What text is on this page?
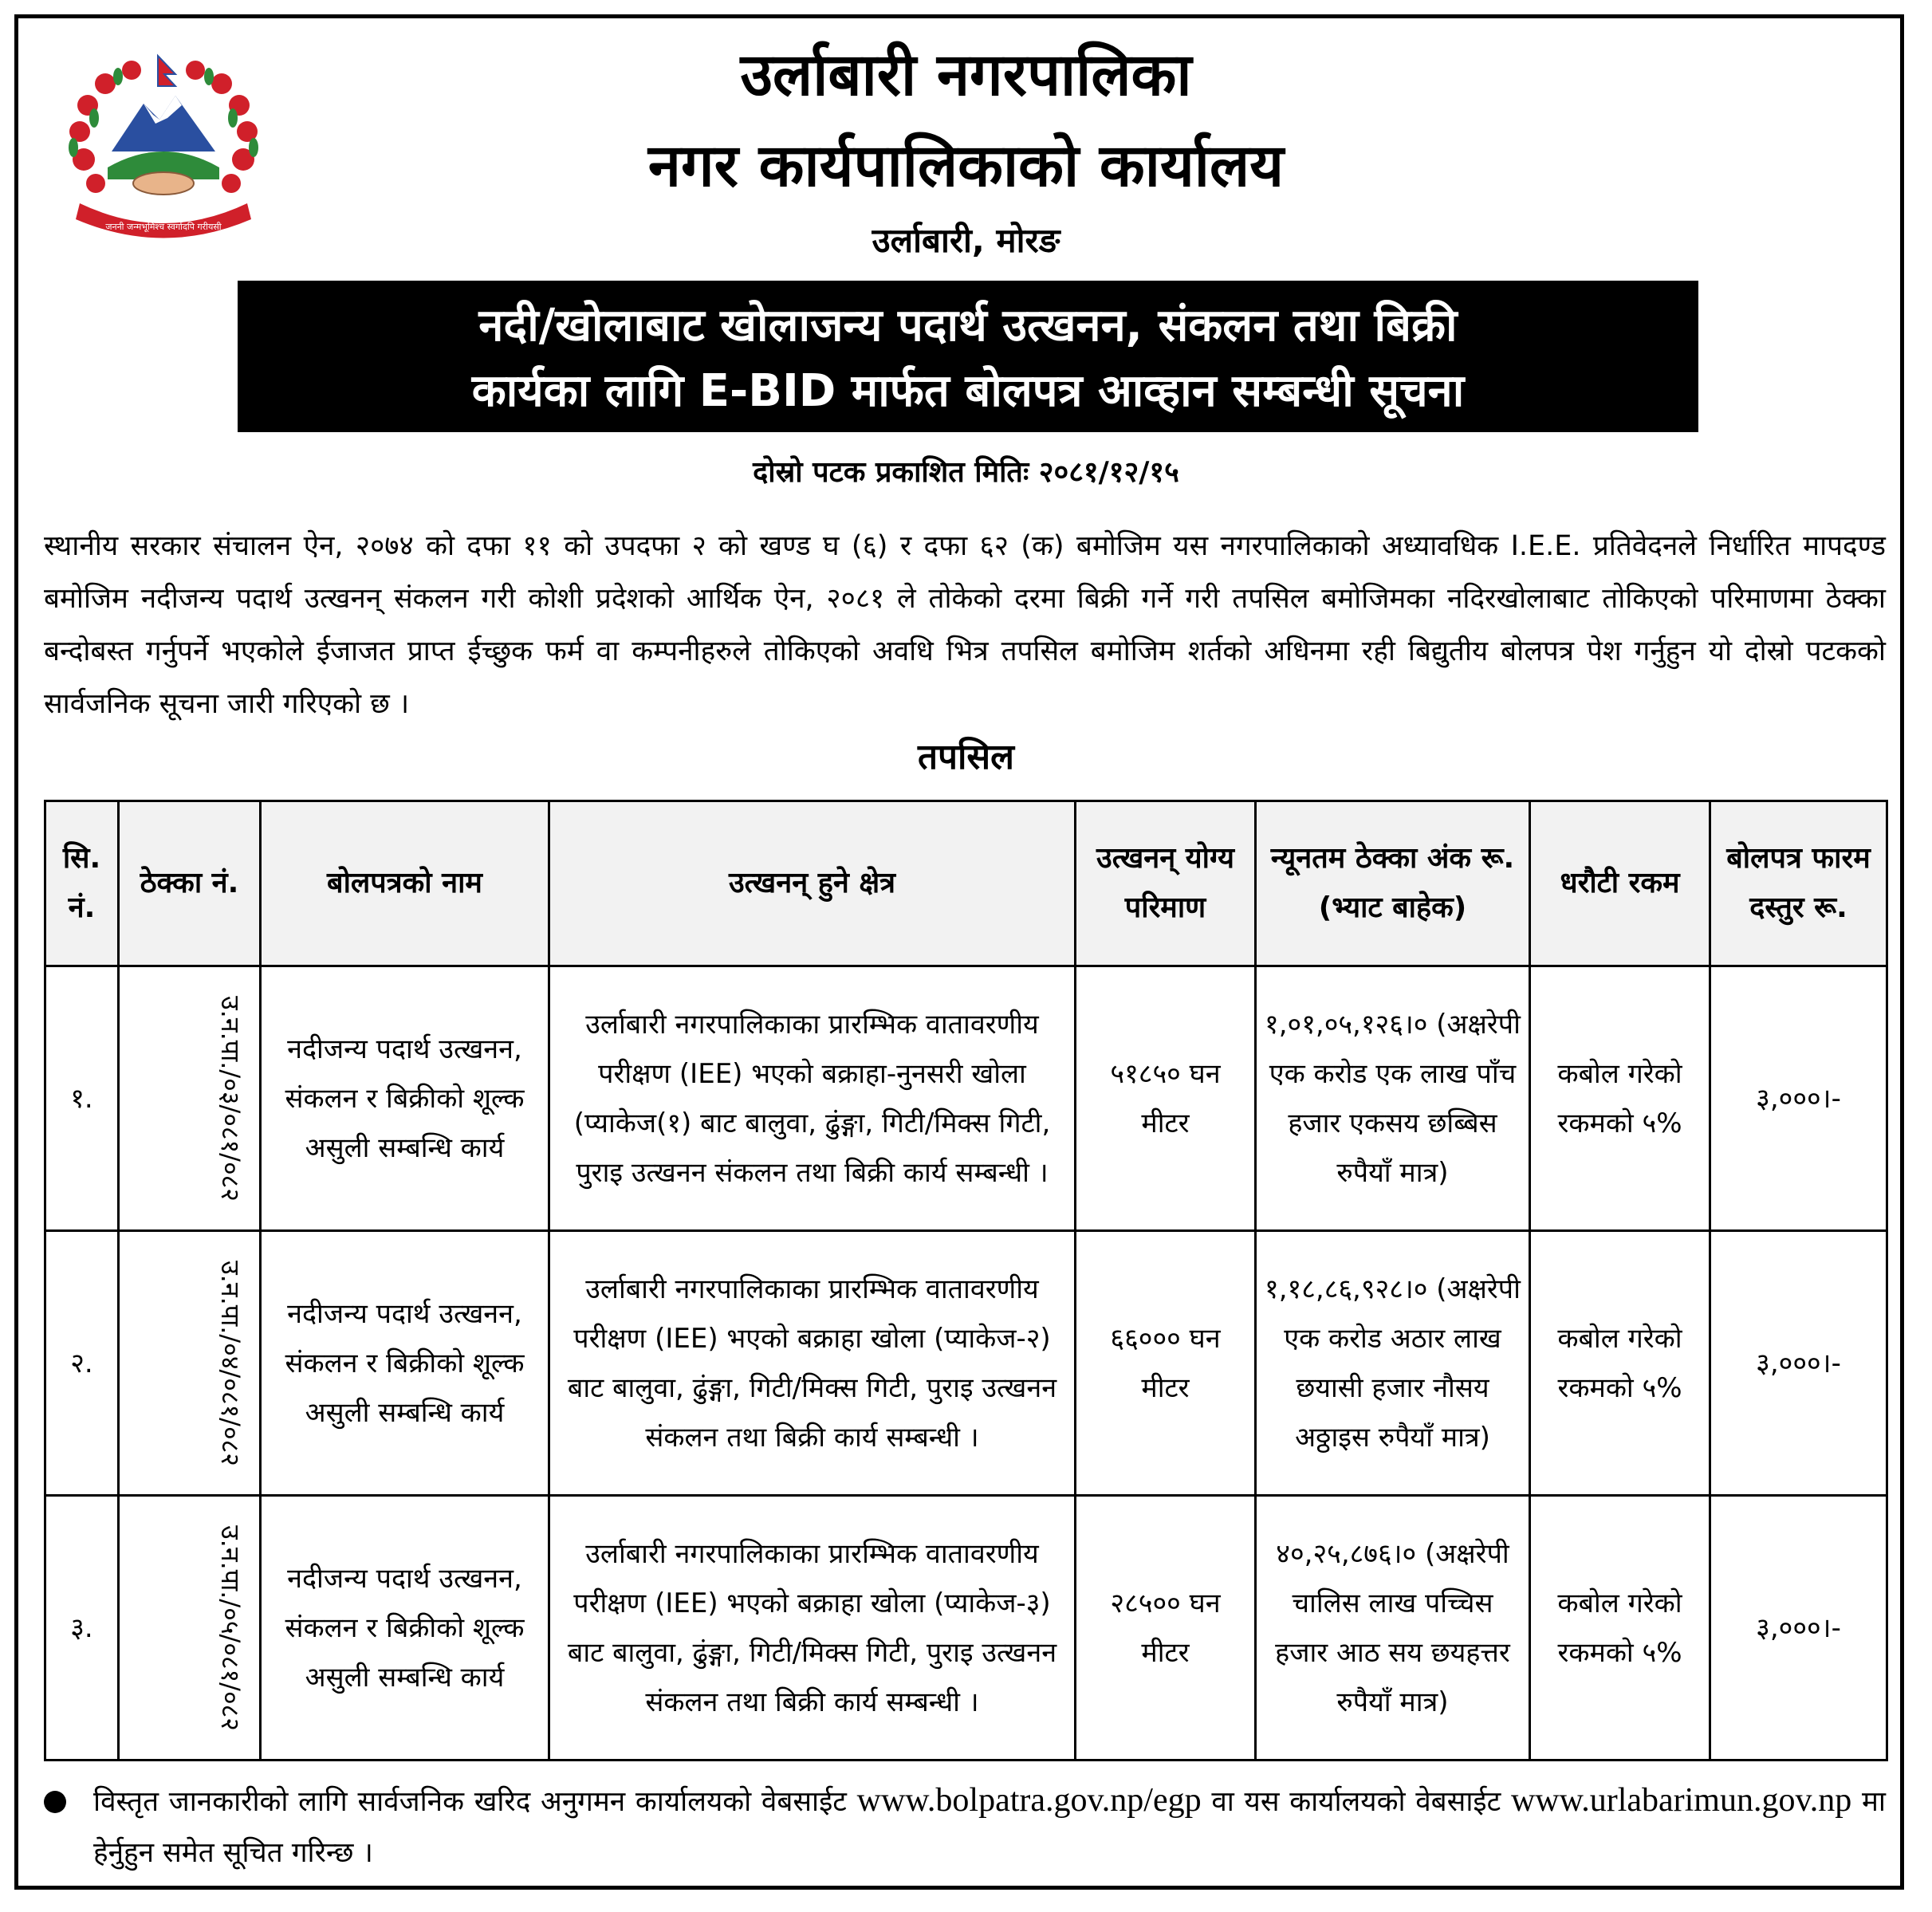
जननी जन्मभूमिश्च स्वर्गादपि गरीयसी
उर्लाबारी नगरपालिका
नगर कार्यपालिकाको कार्यालय
उर्लाबारी, मोरङ
नदी/खोलाबाट खोलाजन्य पदार्थ उत्खनन, संकलन तथा बिक्री
कार्यका लागि E-BID मार्फत बोलपत्र आव्हान सम्बन्धी सूचना
दोस्रो पटक प्रकाशित मितिः २०८१/१२/१५
स्थानीय सरकार संचालन ऐन, २०७४ को दफा ११ को उपदफा २ को खण्ड घ (६) र दफा ६२ (क) बमोजिम यस नगरपालिकाको अध्यावधिक I.E.E. प्रतिवेदनले निर्धारित मापदण्ड बमोजिम नदीजन्य पदार्थ उत्खनन् संकलन गरी कोशी प्रदेशको आर्थिक ऐन, २०८१ ले तोकेको दरमा बिक्री गर्ने गरी तपसिल बमोजिमका नदिरखोलाबाट तोकिएको परिमाणमा ठेक्का बन्दोबस्त गर्नुपर्ने भएकोले ईजाजत प्राप्त ईच्छुक फर्म वा कम्पनीहरुले तोकिएको अवधि भित्र तपसिल बमोजिम शर्तको अधिनमा रही बिद्युतीय बोलपत्र पेश गर्नुहुन यो दोस्रो पटकको सार्वजनिक सूचना जारी गरिएको छ ।
तपसिल
सि. नं.	ठेक्का नं.	बोलपत्रको नाम	उत्खनन् हुने क्षेत्र	उत्खनन् योग्य परिमाण	न्यूनतम ठेक्का अंक रू. (भ्याट बाहेक)	धरौटी रकम	बोलपत्र फारम दस्तुर रू.
१.	उ.न.पा./०३/०८१/०८२	नदीजन्य पदार्थ उत्खनन, संकलन र बिक्रीको शूल्क असुली सम्बन्धि कार्य	उर्लाबारी नगरपालिकाका प्रारम्भिक वातावरणीय परीक्षण (IEE) भएको बक्राहा-नुनसरी खोला (प्याकेज(१) बाट बालुवा, ढुंङ्गा, गिटी/मिक्स गिटी, पुराइ उत्खनन संकलन तथा बिक्री कार्य सम्बन्धी ।	५१८५० घन मीटर	१,०१,०५,१२६।० (अक्षरेपी एक करोड एक लाख पाँच हजार एकसय छब्बिस रुपैयाँ मात्र)	कबोल गरेको रकमको ५%	३,०००।-
२.	उ.न.पा./०४/०८१/०८२	नदीजन्य पदार्थ उत्खनन, संकलन र बिक्रीको शूल्क असुली सम्बन्धि कार्य	उर्लाबारी नगरपालिकाका प्रारम्भिक वातावरणीय परीक्षण (IEE) भएको बक्राहा खोला (प्याकेज-२) बाट बालुवा, ढुंङ्गा, गिटी/मिक्स गिटी, पुराइ उत्खनन संकलन तथा बिक्री कार्य सम्बन्धी ।	६६००० घन मीटर	१,१८,८६,९२८।० (अक्षरेपी एक करोड अठार लाख छयासी हजार नौसय अठ्ठाइस रुपैयाँ मात्र)	कबोल गरेको रकमको ५%	३,०००।-
३.	उ.न.पा./०५/०८१/०८२	नदीजन्य पदार्थ उत्खनन, संकलन र बिक्रीको शूल्क असुली सम्बन्धि कार्य	उर्लाबारी नगरपालिकाका प्रारम्भिक वातावरणीय परीक्षण (IEE) भएको बक्राहा खोला (प्याकेज-३) बाट बालुवा, ढुंङ्गा, गिटी/मिक्स गिटी, पुराइ उत्खनन संकलन तथा बिक्री कार्य सम्बन्धी ।	२८५०० घन मीटर	४०,२५,८७६।० (अक्षरेपी चालिस लाख पच्चिस हजार आठ सय छयहत्तर रुपैयाँ मात्र)	कबोल गरेको रकमको ५%	३,०००।-
विस्तृत जानकारीको लागि सार्वजनिक खरिद अनुगमन कार्यालयको वेबसाईट www.bolpatra.gov.np/egp वा यस कार्यालयको वेबसाईट www.urlabarimun.gov.np मा हेर्नुहुन समेत सूचित गरिन्छ ।
